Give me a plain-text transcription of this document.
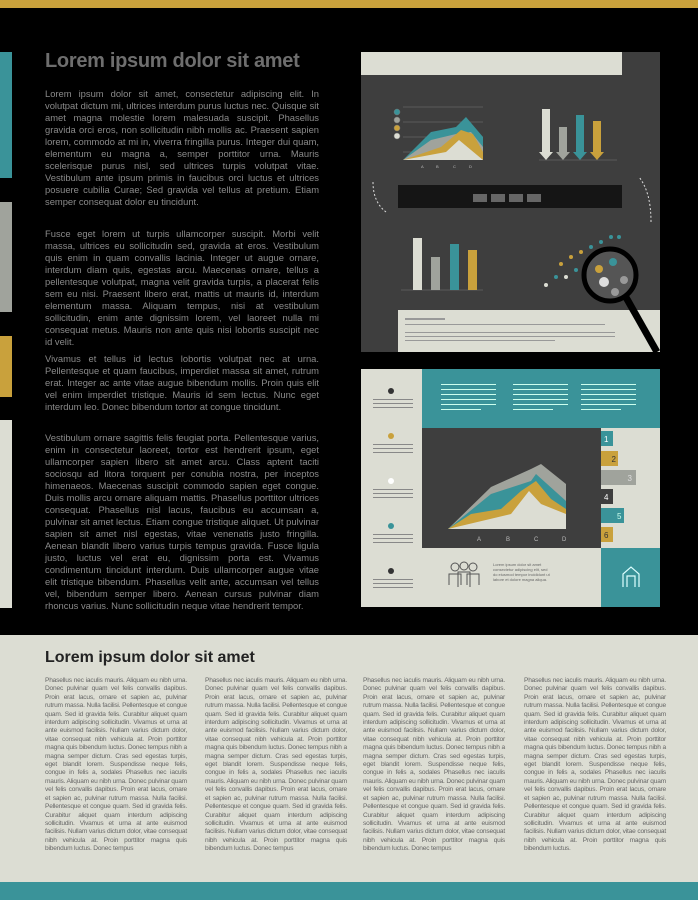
Lorem ipsum dolor sit amet

Lorem ipsum dolor sit amet, consectetur adipiscing elit. In volutpat dictum mi, ultrices interdum purus luctus nec. Quisque sit amet magna molestie lorem malesuada suscipit. Phasellus gravida orci eros, non sollicitudin nibh mollis ac. Praesent sapien lorem, commodo at mi in, viverra fringilla purus. Integer dui quam, elementum eu magna a, semper porttitor urna. Mauris scelerisque purus nisl, sed ultrices turpis volutpat vitae. Vestibulum ante ipsum primis in faucibus orci luctus et ultrices posuere cubilia Curae; Sed gravida vel tellus at pretium. Etiam semper consequat dolor eu tincidunt.

Fusce eget lorem ut turpis ullamcorper suscipit. Morbi velit massa, ultrices eu sollicitudin sed, gravida at eros. Vestibulum quis enim in quam convallis lacinia. Integer ut augue ornare, interdum diam quis, egestas arcu. Maecenas ornare, tellus a pellentesque volutpat, magna velit gravida turpis, a placerat felis sem eu nisi. Praesent libero erat, mattis ut mauris id, interdum elementum massa. Aliquam tempus, nisi at vestibulum sollicitudin, enim ante dignissim lorem, vel laoreet nulla mi consequat metus. Mauris non ante quis nisi lobortis suscipit nec id velit.

Vivamus et tellus id lectus lobortis volutpat nec at urna. Pellentesque et quam faucibus, imperdiet massa sit amet, rutrum erat. Integer ac ante vitae augue bibendum mollis. Proin quis elit vel enim imperdiet tristique. Mauris id sem lectus. Nunc eget interdum leo. Donec bibendum tortor at congue tincidunt.

Vestibulum ornare sagittis felis feugiat porta. Pellentesque varius, enim in consectetur laoreet, tortor est hendrerit ipsum, eget ullamcorper sapien libero sit amet arcu. Class aptent taciti sociosqu ad litora torquent per conubia nostra, per inceptos himenaeos. Maecenas suscipit commodo sapien eget congue. Duis mollis arcu ornare aliquam mattis. Phasellus porttitor ultrices consequat. Phasellus nisl lacus, faucibus eu accumsan a, pulvinar sit amet lectus. Etiam congue tristique aliquet. Ut pulvinar sapien sit amet nisl egestas, vitae venenatis justo fringilla. Aenean blandit libero varius turpis tempus gravida. Fusce ligula justo, luctus vel erat eu, dignissim porta est. Vivamus condimentum tincidunt interdum. Duis ullamcorper augue vitae elit tristique bibendum. Phasellus velit ante, accumsan vel tellus vel, bibendum semper libero. Aenean cursus pulvinar diam rhoncus varius. Nunc sollicitudin neque vitae hendrerit tempor.

A	B	C	D
A	B	C	D
1
2
3
4
5
6
Lorem ipsum dolor sit amet consectetur adipiscing elit, sed do eiusmod tempor incididunt ut labore et dolore magna aliqua.
Lorem ipsum dolor sit amet

Phasellus nec iaculis mauris. Aliquam eu nibh urna. Donec pulvinar quam vel felis convallis dapibus. Proin erat lacus, ornare et sapien ac, pulvinar rutrum massa. Nulla facilisi. Pellentesque et congue quam. Sed id gravida felis. Curabitur aliquet quam interdum adipiscing sollicitudin. Vivamus et urna at ante euismod facilisis. Nullam varius dictum dolor, vitae consequat nibh vehicula at. Proin porttitor magna quis bibendum luctus. Donec tempus nibh a magna semper dictum. Cras sed egestas turpis, eget blandit lorem. Suspendisse neque felis, congue in felis a, sodales Phasellus nec iaculis mauris. Aliquam eu nibh urna. Donec pulvinar quam vel felis convallis dapibus. Proin erat lacus, ornare et sapien ac, pulvinar rutrum massa. Nulla facilisi. Pellentesque et congue quam. Sed id gravida felis. Curabitur aliquet quam interdum adipiscing sollicitudin. Vivamus et urna at ante euismod facilisis. Nullam varius dictum dolor, vitae consequat nibh vehicula at. Proin porttitor magna quis bibendum luctus. Donec tempus

Phasellus nec iaculis mauris. Aliquam eu nibh urna. Donec pulvinar quam vel felis convallis dapibus. Proin erat lacus, ornare et sapien ac, pulvinar rutrum massa. Nulla facilisi. Pellentesque et congue quam. Sed id gravida felis. Curabitur aliquet quam interdum adipiscing sollicitudin. Vivamus et urna at ante euismod facilisis. Nullam varius dictum dolor, vitae consequat nibh vehicula at. Proin porttitor magna quis bibendum luctus. Donec tempus nibh a magna semper dictum. Cras sed egestas turpis, eget blandit lorem. Suspendisse neque felis, congue in felis a, sodales Phasellus nec iaculis mauris. Aliquam eu nibh urna. Donec pulvinar quam vel felis convallis dapibus. Proin erat lacus, ornare et sapien ac, pulvinar rutrum massa. Nulla facilisi. Pellentesque et congue quam. Sed id gravida felis. Curabitur aliquet quam interdum adipiscing sollicitudin. Vivamus et urna at ante euismod facilisis. Nullam varius dictum dolor, vitae consequat nibh vehicula at. Proin porttitor magna quis bibendum luctus. Donec tempus

Phasellus nec iaculis mauris. Aliquam eu nibh urna. Donec pulvinar quam vel felis convallis dapibus. Proin erat lacus, ornare et sapien ac, pulvinar rutrum massa. Nulla facilisi. Pellentesque et congue quam. Sed id gravida felis. Curabitur aliquet quam interdum adipiscing sollicitudin. Vivamus et urna at ante euismod facilisis. Nullam varius dictum dolor, vitae consequat nibh vehicula at. Proin porttitor magna quis bibendum luctus. Donec tempus nibh a magna semper dictum. Cras sed egestas turpis, eget blandit lorem. Suspendisse neque felis, congue in felis a, sodales Phasellus nec iaculis mauris. Aliquam eu nibh urna. Donec pulvinar quam vel felis convallis dapibus. Proin erat lacus, ornare et sapien ac, pulvinar rutrum massa. Nulla facilisi. Pellentesque et congue quam. Sed id gravida felis. Curabitur aliquet quam interdum adipiscing sollicitudin. Vivamus et urna at ante euismod facilisis. Nullam varius dictum dolor, vitae consequat nibh vehicula at. Proin porttitor magna quis bibendum luctus. Donec tempus

Phasellus nec iaculis mauris. Aliquam eu nibh urna. Donec pulvinar quam vel felis convallis dapibus. Proin erat lacus, ornare et sapien ac, pulvinar rutrum massa. Nulla facilisi. Pellentesque et congue quam. Sed id gravida felis. Curabitur aliquet quam interdum adipiscing sollicitudin. Vivamus et urna at ante euismod facilisis. Nullam varius dictum dolor, vitae consequat nibh vehicula at. Proin porttitor magna quis bibendum luctus. Donec tempus nibh a magna semper dictum. Cras sed egestas turpis, eget blandit lorem. Suspendisse neque felis, congue in felis a, sodales Phasellus nec iaculis mauris. Aliquam eu nibh urna. Donec pulvinar quam vel felis convallis dapibus. Proin erat lacus, ornare et sapien ac, pulvinar rutrum massa. Nulla facilisi. Pellentesque et congue quam. Sed id gravida felis. Curabitur aliquet quam interdum adipiscing sollicitudin. Vivamus et urna at ante euismod facilisis. Nullam varius dictum dolor, vitae consequat nibh vehicula at. Proin porttitor magna quis bibendum luctus.
